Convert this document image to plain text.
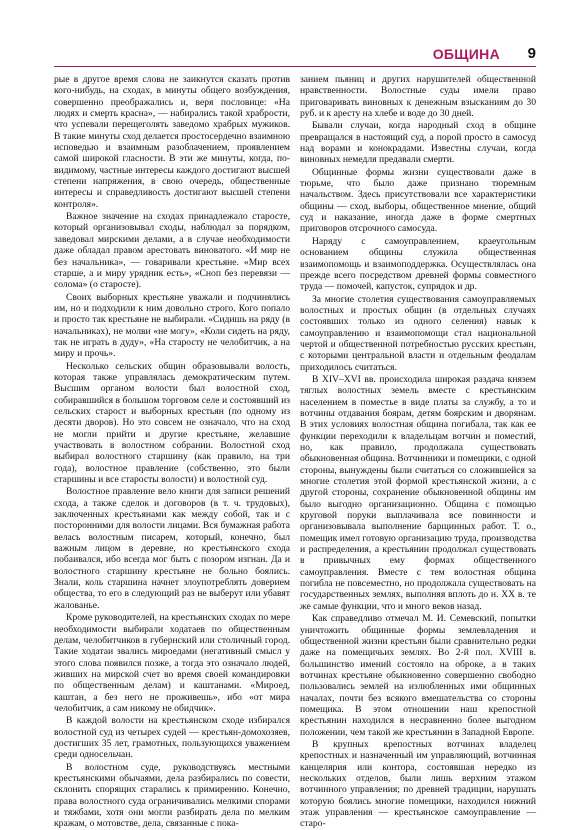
ОБЩИНА 9

рые в другое время слова не заикнутся сказать против кого-нибудь, на сходах, в минуты общего возбуждения, совершенно преображались и, веря пословице: «На людях и смерть красна», — набирались такой храбрости, что успевали перещеголять заведомо храбрых мужиков. В такие минуты сход делается простосердечно взаимною исповедью и взаимным разоблачением, проявлением самой широкой гласности. В эти же минуты, когда, по-видимому, частные интересы каждого достигают высшей степени напряжения, в свою очередь, общественные интересы и справедливость достигают высшей степени контроля».

Важное значение на сходах принадлежало старосте, который организовывал сходы, наблюдал за порядком, заведовал мирскими делами, а в случае необходимости даже обладал правом арестовать виноватого. «И мир не без начальника», — говаривали крестьяне. «Мир всех старше, а и миру урядник есть», «Сноп без перевязи — солома» (о старосте).

Своих выборных крестьяне уважали и подчинялись им, но и подходили к ним довольно строго. Кого попало и просто так крестьяне не выбирали. «Сидишь на ряду (в начальниках), не молви «не могу», «Коли сидеть на ряду, так не играть в дуду», «На старосту не челобитчик, а на миру и прочь».

Несколько сельских общин образовывали волость, которая также управлялась демократическим путем. Высшим органом волости был волостной сход, собиравшийся в большом торговом селе и состоявший из сельских старост и выборных крестьян (по одному из десяти дворов). Но это совсем не означало, что на сход не могли прийти и другие крестьяне, желавшие участвовать в волостном собрании. Волостной сход выбирал волостного старшину (как правило, на три года), волостное правление (собственно, это были старшины и все старосты волости) и волостной суд.

Волостное правление вело книги для записи решений схода, а также сделок и договоров (в т. ч. трудовых), заключенных крестьянами как между собой, так и с посторонними для волости лицами. Вся бумажная работа велась волостным писарем, который, конечно, был важным лицом в деревне, но крестьянского схода побаивался, ибо всегда мог быть с позором изгнан. Да и волостного старшину крестьяне не больно боялись. Знали, коль старшина начнет злоупотреблять доверием общества, то его в следующий раз не выберут или убавят жалованье.

Кроме руководителей, на крестьянских сходах по мере необходимости выбирали ходатаев по общественным делам, челобитчиков в губернский или столичный город. Такие ходатаи звались мироедами (негативный смысл у этого слова появился позже, а тогда это означало людей, живших на мирской счет во время своей командировки по общественным делам) и каштанами. «Мироед, каштан, а без него не проживешь», ибо «от мира челобитчик, а сам никому не обидчик».

В каждой волости на крестьянском сходе избирался волостной суд из четырех судей — крестьян-домохозяев, достигших 35 лет, грамотных, пользующихся уважением среди односельчан.

В волостном суде, руководствуясь местными крестьянскими обычаями, дела разбирались по совести, склонить спорящих старались к примирению. Конечно, права волостного суда ограничивались мелкими спорами и тяжбами, хотя они могли разбирать дела по мелким кражам, о мотовстве, дела, связанные с пока-

занием пьяниц и других нарушителей общественной нравственности. Волостные суды имели право приговаривать виновных к денежным взысканиям до 30 руб. и к аресту на хлебе и воде до 30 дней.

Бывали случаи, когда народный сход в общине превращался в настоящий суд, а порой просто в самосуд над ворами и конокрадами. Известны случаи, когда виновных немедля предавали смерти.

Общинные формы жизни существовали даже в тюрьме, что было даже признано тюремным начальством. Здесь присутствовали все характеристики общины — сход, выборы, общественное мнение, общий суд и наказание, иногда даже в форме смертных приговоров отсрочного самосуда.

Наряду с самоуправлением, краеугольным основанием общины служила общественная взаимопомощь и взаимоподдержка. Осуществлялась она прежде всего посредством древней формы совместного труда — помочей, капусток, супрядок и др.

За многие столетия существования самоуправляемых волостных и простых общин (в отдельных случаях состоявших только из одного селения) навык к самоуправлению и взаимопомощи стал национальной чертой и общественной потребностью русских крестьян, с которыми центральной власти и отдельным феодалам приходилось считаться.

В XIV–XVI вв. происходила широкая раздача князем тяглых волостных земель вместе с крестьянским населением в поместье в виде платы за службу, а то и вотчины отдавания боярам, детям боярским и дворянам. В этих условиях волостная община погибала, так как ее функции переходили к владельцам вотчин и поместий, но, как правило, продолжала существовать обыкновенная община. Вотчинники и помещики, с одной стороны, вынуждены были считаться со сложившейся за многие столетия этой формой крестьянской жизни, а с другой стороны, сохранение обыкновенной общины им было выгодно организационно. Община с помощью круговой поруки выплачивала все повинности и организовывала выполнение барщинных работ. Т. о., помещик имел готовую организацию труда, производства и распределения, а крестьянин продолжал существовать в привычных ему формах общественного самоуправления. Вместе с тем волостная община погибла не повсеместно, но продолжала существовать на государственных землях, выполняя вплоть до н. XX в. те же самые функции, что и много веков назад.

Как справедливо отмечал М. И. Семевский, попытки уничтожить общинные формы землевладения и общественной жизни крестьян были сравнительно редки даже на помещичьих землях. Во 2-й пол. XVIII в. большинство имений состояло на оброке, а в таких вотчинах крестьяне обыкновенно совершенно свободно пользовались землей на излюбленных ими общинных началах, почти без всякого вмешательства со стороны помещика. В этом отношении наш крепостной крестьянин находился в несравненно более выгодном положении, чем такой же крестьянин в Западной Европе.

В крупных крепостных вотчинах владелец крепостных и назначенный им управляющий, вотчинная канцелярия или контора, состоявшая нередко из нескольких отделов, были лишь верхним этажом вотчинного управления; по древней традиции, нарушать которую боялись многие помещики, находился нижний этаж управления — крестьянское самоуправление — старо-
